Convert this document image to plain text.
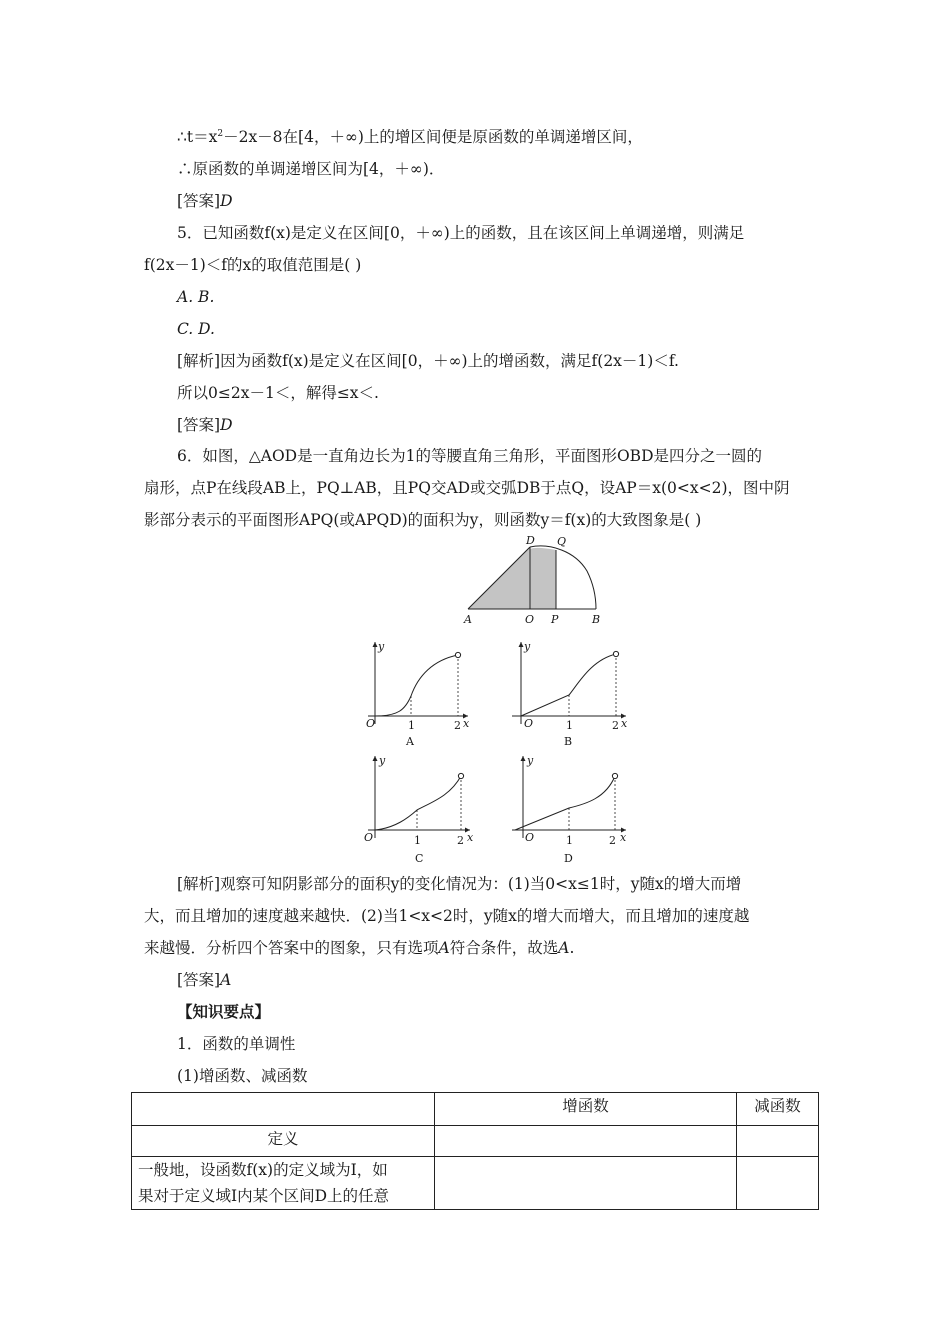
$\therefore t=x^2-2x-8$在[4，＋∞)上的增区间便是原函数的单调递增区间，
∴原函数的单调递增区间为[4，＋∞)．
[答案]D
5．已知函数f(x)是定义在区间[0，＋∞)上的函数，且在该区间上单调递增，则满足
f(2x－1)＜f的x的取值范围是( )
A. B.
C. D.
[解析]因为函数f(x)是定义在区间[0，＋∞)上的增函数，满足f(2x－1)＜f.
所以0≤2x－1＜，解得≤x＜.
[答案]D
6．如图，△AOD是一直角边长为1的等腰直角三角形，平面图形OBD是四分之一圆的
扇形，点P在线段AB上，PQ⊥AB，且PQ交AD或交弧DB于点Q，设AP＝x(0<x<2)，图中阴
影部分表示的平面图形APQ(或APQD)的面积为y，则函数y＝f(x)的大致图象是( )
A	O P	B
D Q
y
x
O	1	2
A
y
x
O	1	2
B
y
x
O	1	2
C
y
x
O	1	2
D
[解析]观察可知阴影部分的面积y的变化情况为：(1)当0<x≤1时，y随x的增大而增
大，而且增加的速度越来越快．(2)当1<x<2时，y随x的增大而增大，而且增加的速度越
来越慢．分析四个答案中的图象，只有选项A符合条件，故选A.
[答案]A
【知识要点】
1．函数的单调性
(1)增函数、减函数
	增函数	减函数
定义		

一般地，设函数f(x)的定义域为I，如
果对于定义域I内某个区间D上的任意		
